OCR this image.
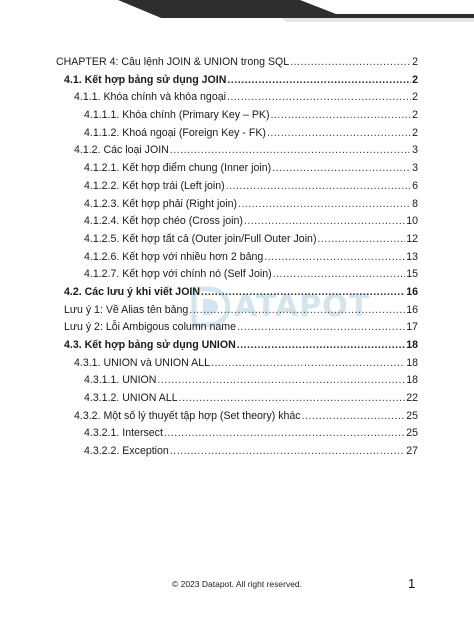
ATAPOT
CHAPTER 4: Câu lệnh JOIN & UNION trong SQL .....	2
4.1. Kết hợp bảng sử dụng JOIN .....	2
4.1.1. Khóa chính và khóa ngoại .....	2
4.1.1.1. Khóa chính (Primary Key – PK) .....	2
4.1.1.2. Khoá ngoại (Foreign Key - FK) .....	2
4.1.2. Các loại JOIN .....	3
4.1.2.1. Kết hợp điểm chung (Inner join) .....	3
4.1.2.2. Kết hợp trái (Left join) .....	6
4.1.2.3. Kết hợp phải (Right join) .....	8
4.1.2.4. Kết hợp chéo (Cross join) .....	10
4.1.2.5. Kết hợp tất cả (Outer join/Full Outer Join) .....	12
4.1.2.6. Kết hợp với nhiều hơn 2 bảng .....	13
4.1.2.7. Kết hợp với chính nó (Self Join) .....	15
4.2. Các lưu ý khi viết JOIN .....	16
Lưu ý 1: Về Alias tên bảng .....	16
Lưu ý 2: Lỗi Ambigous column name .....	17
4.3. Kết hợp bảng sử dụng UNION .....	18
4.3.1. UNION và UNION ALL .....	18
4.3.1.1. UNION .....	18
4.3.1.2. UNION ALL .....	22
4.3.2. Một số lý thuyết tập hợp (Set theory) khác .....	25
4.3.2.1. Intersect .....	25
4.3.2.2. Exception .....	27
© 2023 Datapot. All right reserved.	1
